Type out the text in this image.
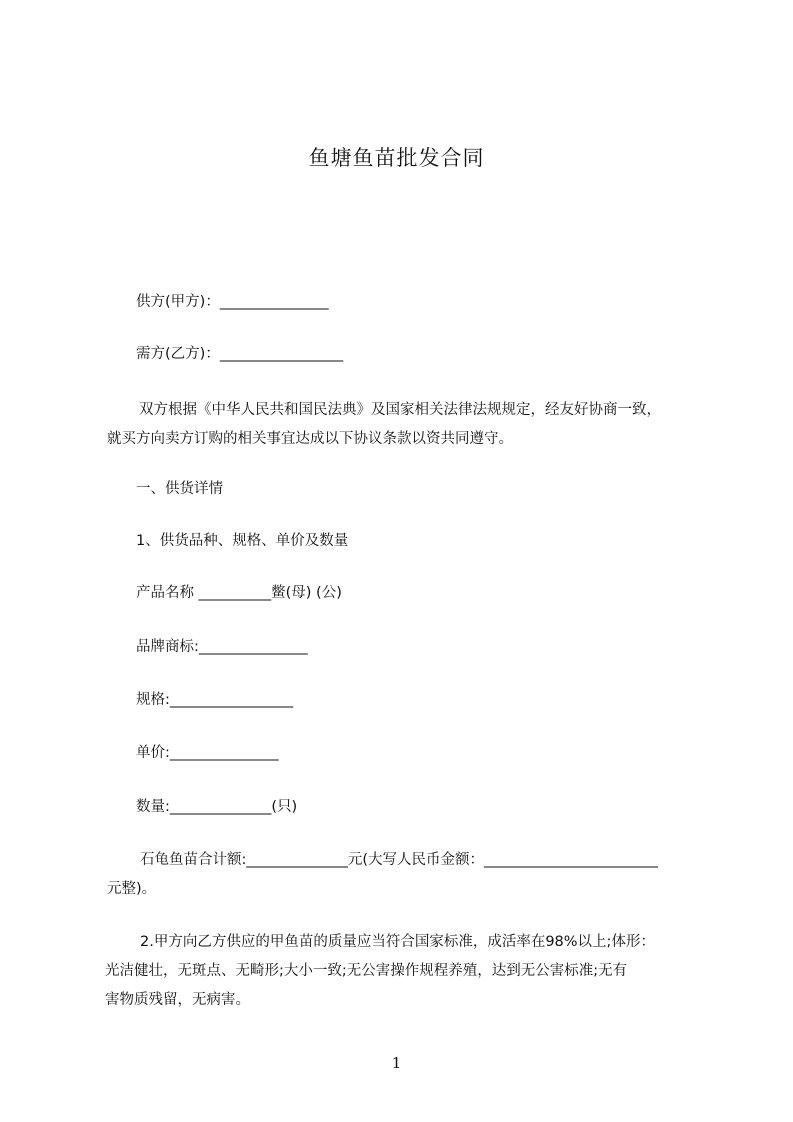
鱼塘鱼苗批发合同
供方(甲方)：_______________
需方(乙方)：_________________
双方根据《中华人民共和国民法典》及国家相关法律法规规定，经友好协商一致，
就买方向卖方订购的相关事宜达成以下协议条款以资共同遵守。
一、供货详情
1、供货品种、规格、单价及数量
产品名称 __________鳖(母) (公)
品牌商标:_______________
规格:_________________
单价:_______________
数量:______________(只)
石龟鱼苗合计额:______________元(大写人民币金额：________________________
元整)。
2.甲方向乙方供应的甲鱼苗的质量应当符合国家标准，成活率在98%以上;体形：
光洁健壮，无斑点、无畸形;大小一致;无公害操作规程养殖，达到无公害标准;无有
害物质残留，无病害。
1
